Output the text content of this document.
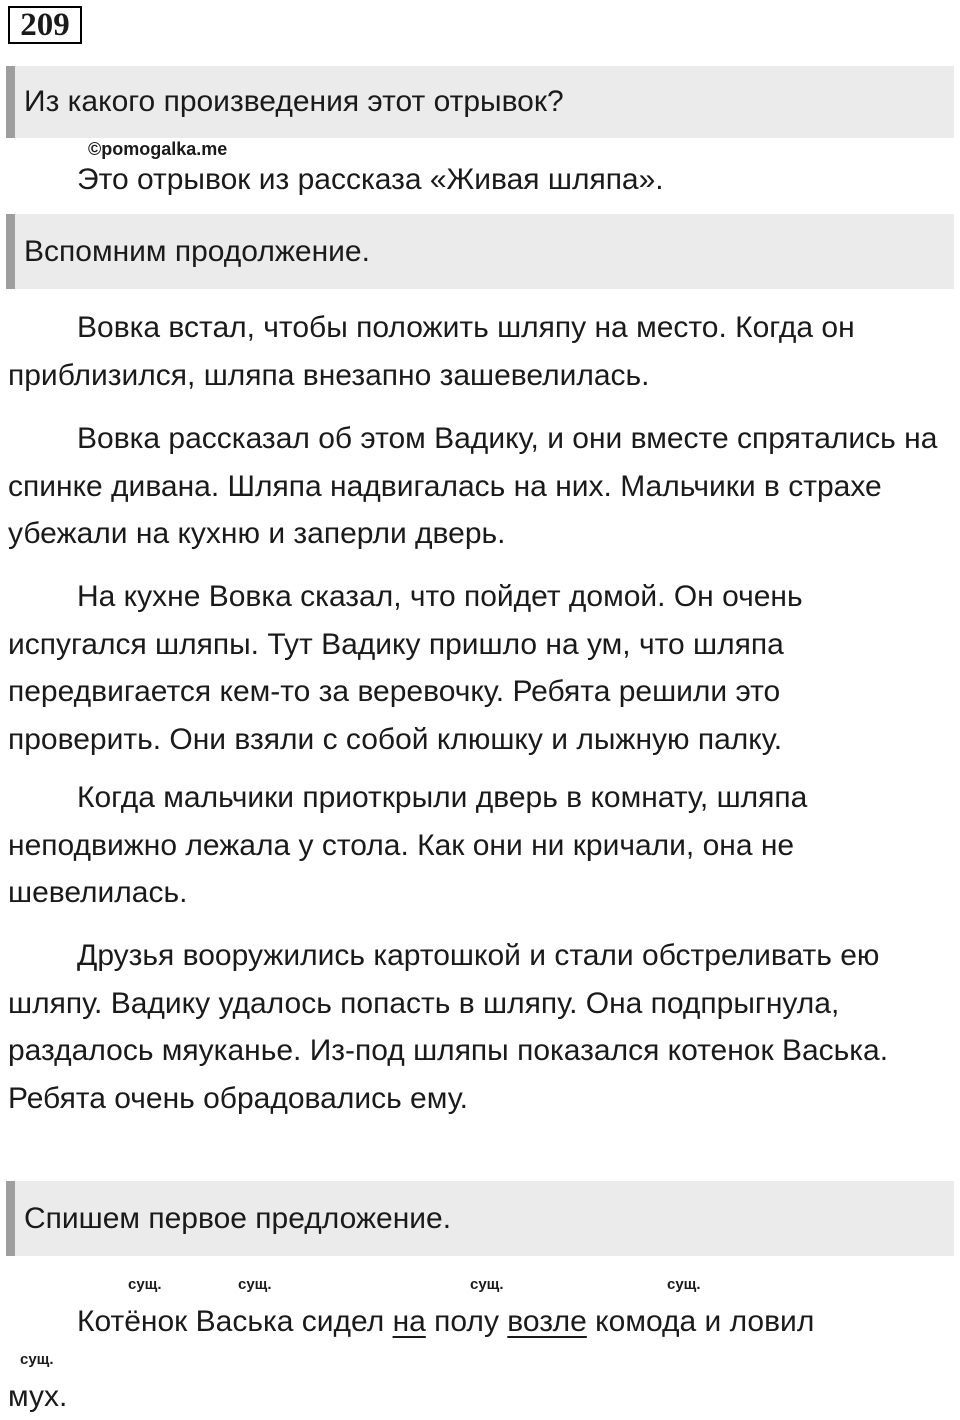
209
Из какого произведения этот отрывок?
©pomogalka.me

Это отрывок из рассказа «Живая шляпа».

Вспомним продолжение.

Вовка встал, чтобы положить шляпу на место. Когда он приблизился, шляпа внезапно зашевелилась.

Вовка рассказал об этом Вадику, и они вместе спрятались на спинке дивана. Шляпа надвигалась на них. Мальчики в страхе убежали на кухню и заперли дверь.

На кухне Вовка сказал, что пойдет домой. Он очень испугался шляпы. Тут Вадику пришло на ум, что шляпа передвигается кем-то за веревочку. Ребята решили это проверить. Они взяли с собой клюшку и лыжную палку.

Когда мальчики приоткрыли дверь в комнату, шляпа неподвижно лежала у стола. Как они ни кричали, она не шевелилась.

Друзья вооружились картошкой и стали обстреливать ею шляпу. Вадику удалось попасть в шляпу. Она подпрыгнула, раздалось мяуканье. Из-под шляпы показался котенок Васька. Ребята очень обрадовались ему.

Спишем первое предложение.
сущ.	сущ.	сущ.	сущ.
сущ.

Котёнок Васька сидел на полу возле комода и ловил

мух.
